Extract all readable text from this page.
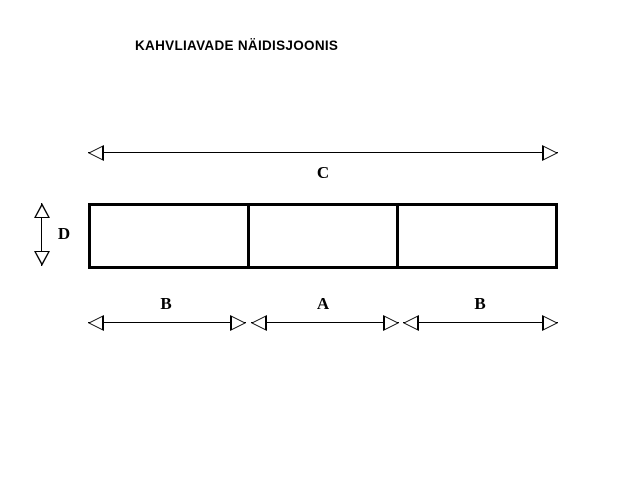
KAHVLIAVADE NÄIDISJOONIS
C
D
B	A	B
